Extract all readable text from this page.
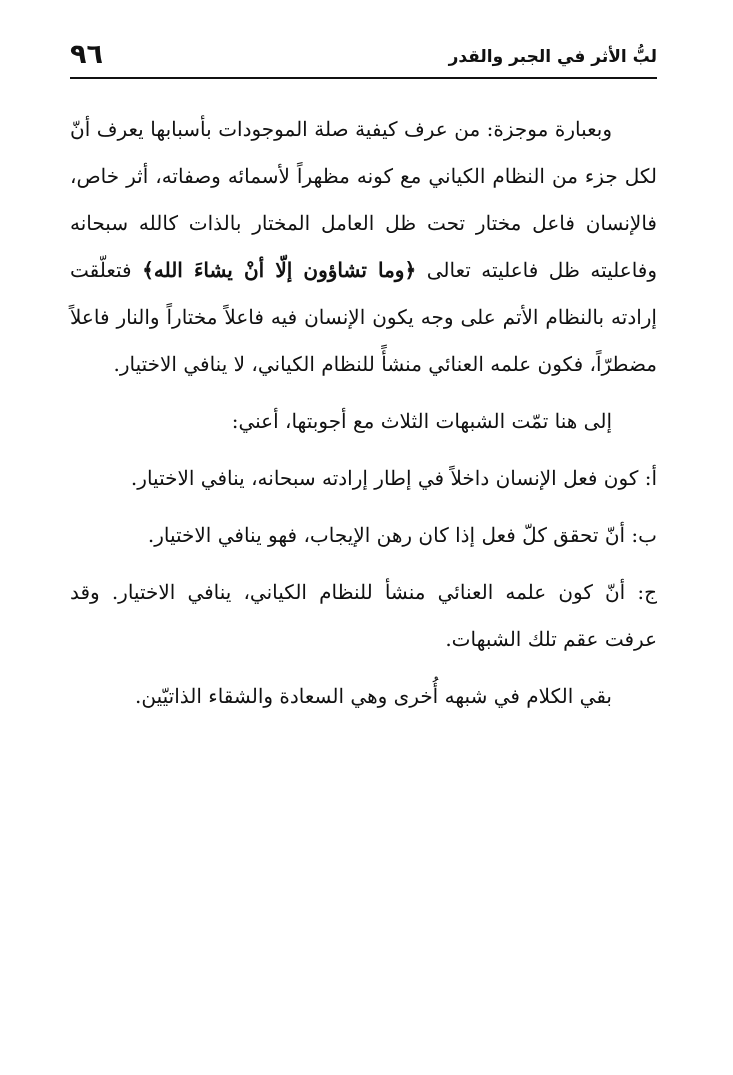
لبُّ الأثر في الجبر والقدر
٩٦

وبعبارة موجزة: من عرف كيفية صلة الموجودات بأسبابها يعرف أنّ لكل جزء من النظام الكياني مع كونه مظهراً لأسمائه وصفاته، أثر خاص، فالإنسان فاعل مختار تحت ظل العامل المختار بالذات كالله سبحانه وفاعليته ظل فاعليته تعالى ﴿وما تشاؤون إلّا أنْ يشاءَ الله﴾ فتعلّقت إرادته بالنظام الأتم على وجه يكون الإنسان فيه فاعلاً مختاراً والنار فاعلاً مضطرّاً، فكون علمه العنائي منشأً للنظام الكياني، لا ينافي الاختيار.

إلى هنا تمّت الشبهات الثلاث مع أجوبتها، أعني:

أ: كون فعل الإنسان داخلاً في إطار إرادته سبحانه، ينافي الاختيار.

ب: أنّ تحقق كلّ فعل إذا كان رهن الإيجاب، فهو ينافي الاختيار.

ج: أنّ كون علمه العنائي منشأ للنظام الكياني، ينافي الاختيار. وقد عرفت عقم تلك الشبهات.

بقي الكلام في شبهه أُخرى وهي السعادة والشقاء الذاتيّين.
